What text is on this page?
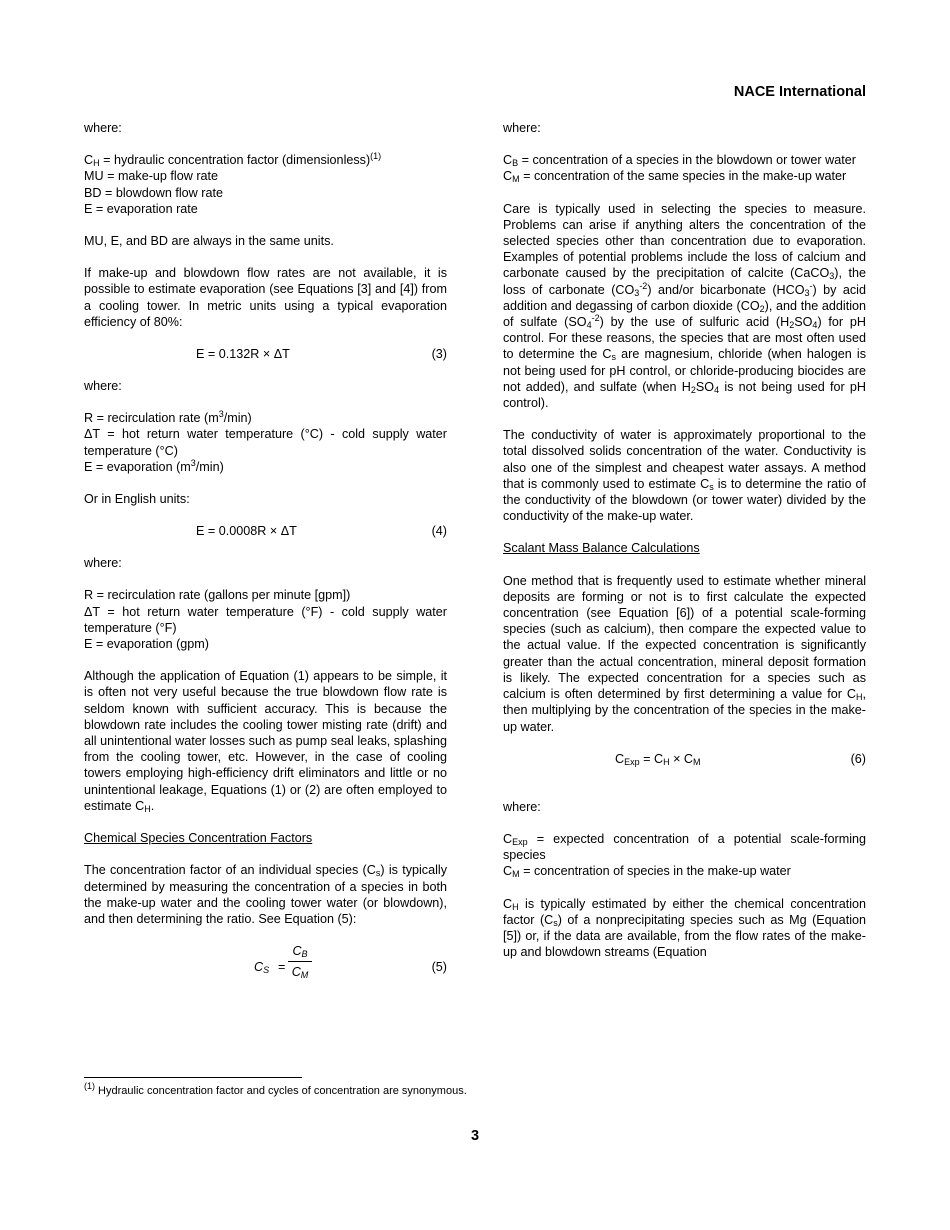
NACE International

where:

$C_H$ = hydraulic concentration factor (dimensionless)$^{(1)}$

MU = make-up flow rate

BD = blowdown flow rate

E = evaporation rate

MU, E, and BD are always in the same units.

If make-up and blowdown flow rates are not available, it is possible to estimate evaporation (see Equations [3] and [4]) from a cooling tower. In metric units using a typical evaporation efficiency of 80%:

E = 0.132R × ΔT	(3)

where:

R = recirculation rate $(m^3/\min)$

ΔT = hot return water temperature (°C) - cold supply water temperature (°C)

E = evaporation $(m^3/\min)$

Or in English units:

E = 0.0008R × ΔT	(4)

where:

R = recirculation rate (gallons per minute [gpm])

ΔT = hot return water temperature (°F) - cold supply water temperature (°F)

E = evaporation (gpm)

Although the application of Equation (1) appears to be simple, it is often not very useful because the true blowdown flow rate is seldom known with sufficient accuracy. This is because the blowdown rate includes the cooling tower misting rate (drift) and all unintentional water losses such as pump seal leaks, splashing from the cooling tower, etc. However, in the case of cooling towers employing high-efficiency drift eliminators and little or no unintentional leakage, Equations (1) or (2) are often employed to estimate $C_H$.

Chemical Species Concentration Factors

The concentration factor of an individual species $(C_s)$ is typically determined by measuring the concentration of a species in both the make-up water and the cooling tower water (or blowdown), and then determining the ratio. See Equation (5):

$C_S$ =
$C_B$
$C_M$
(5)

where:

$C_B$ = concentration of a species in the blowdown or tower water

$C_M$ = concentration of the same species in the make-up water

Care is typically used in selecting the species to measure. Problems can arise if anything alters the concentration of the selected species other than concentration due to evaporation. Examples of potential problems include the loss of calcium and carbonate caused by the precipitation of calcite (CaCO$_3$), the loss of carbonate $(CO_3^{-2})$ and/or bicarbonate $(HCO_3^-)$ by acid addition and degassing of carbon dioxide $(CO_2)$, and the addition of sulfate $(SO_4^{-2})$ by the use of sulfuric acid $(H_2SO_4)$ for pH control. For these reasons, the species that are most often used to determine the $C_s$ are magnesium, chloride (when halogen is not being used for pH control, or chloride-producing biocides are not added), and sulfate (when $H_2SO_4$ is not being used for pH control).

The conductivity of water is approximately proportional to the total dissolved solids concentration of the water. Conductivity is also one of the simplest and cheapest water assays. A method that is commonly used to estimate $C_s$ is to determine the ratio of the conductivity of the blowdown (or tower water) divided by the conductivity of the make-up water.

Scalant Mass Balance Calculations

One method that is frequently used to estimate whether mineral deposits are forming or not is to first calculate the expected concentration (see Equation [6]) of a potential scale-forming species (such as calcium), then compare the expected value to the actual value. If the expected concentration is significantly greater than the actual concentration, mineral deposit formation is likely. The expected concentration for a species such as calcium is often determined by first determining a value for $C_H$, then multiplying by the concentration of the species in the make-up water.

$C_{Exp} = C_H \times C_M$	(6)

where:

$C_{Exp}$ = expected concentration of a potential scale-forming species

$C_M$ = concentration of species in the make-up water

$C_H$ is typically estimated by either the chemical concentration factor $(C_s)$ of a nonprecipitating species such as Mg (Equation [5]) or, if the data are available, from the flow rates of the make-up and blowdown streams (Equation

$^{(1)}$ Hydraulic concentration factor and cycles of concentration are synonymous.
3
